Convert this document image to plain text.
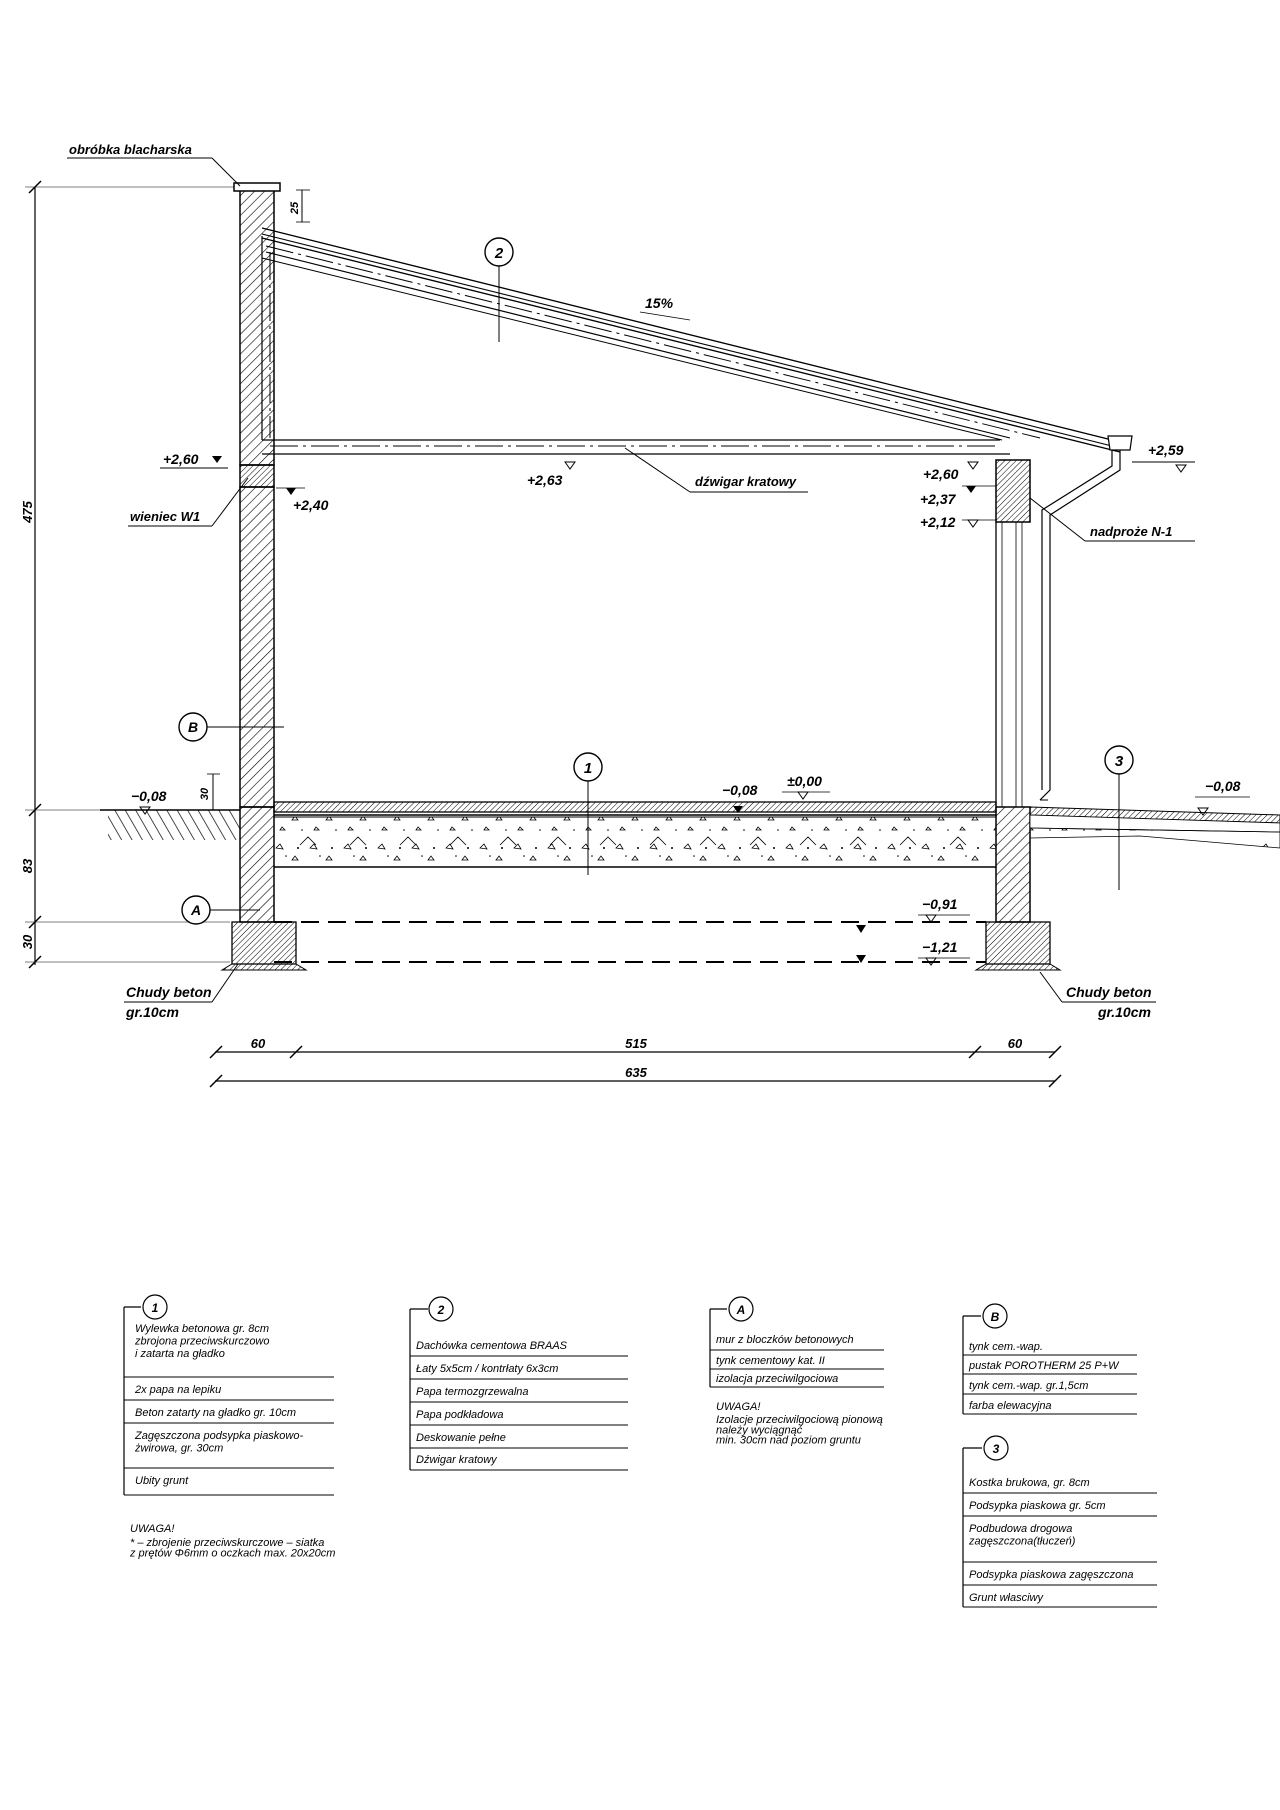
475
83
30
25
30
15%
2
1	3
B
A
obróbka blacharska
wieniec W1
dźwigar kratowy
nadproże N-1
Chudy beton
gr.10cm
Chudy beton
gr.10cm
+2,60
+2,40
+2,63	+2,60
+2,37
+2,12
+2,59
−0,08	−0,08
±0,00	−0,08
−0,91
−1,21
60	515	60
635
1
Wylewka betonowa gr. 8cm zbrojona przeciwskurczowo i zatarta na gładko
2x papa na lepiku
Beton zatarty na gładko gr. 10cm
Zagęszczona podsypka piaskowo-żwirowa, gr. 30cm
Ubity grunt
UWAGA!
* – zbrojenie przeciwskurczowe – siatka z prętów Φ6mm o oczkach max. 20x20cm
2
Dachówka cementowa BRAAS
Łaty 5x5cm / kontrłaty 6x3cm
Papa termozgrzewalna
Papa podkładowa
Deskowanie pełne
Dźwigar kratowy
A
mur z bloczków betonowych
tynk cementowy kat. II
izolacja przeciwilgociowa
UWAGA!
Izolacje przeciwilgociową pionową należy wyciągnąć min. 30cm nad poziom gruntu
B
tynk cem.-wap.
pustak POROTHERM 25 P+W
tynk cem.-wap. gr.1,5cm
farba elewacyjna
3
Kostka brukowa, gr. 8cm
Podsypka piaskowa gr. 5cm
Podbudowa drogowa zagęszczona(tłuczeń)
Podsypka piaskowa zagęszczona
Grunt własciwy
